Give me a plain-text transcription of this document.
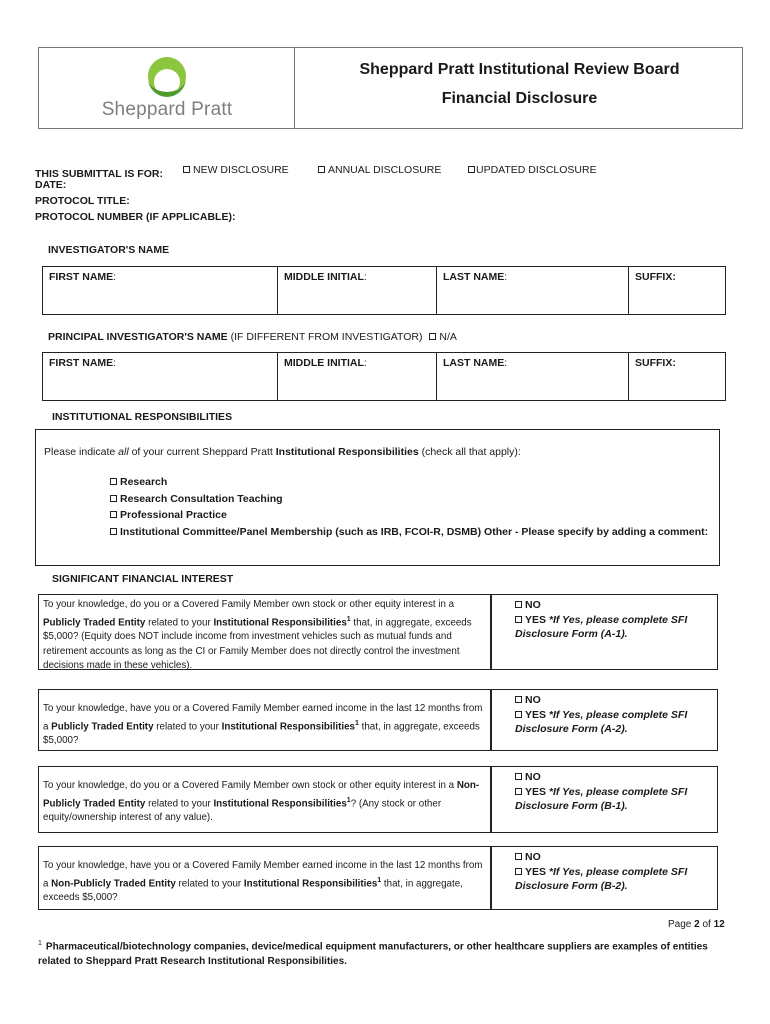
Sheppard Pratt
Sheppard Pratt Institutional Review Board
Financial Disclosure
THIS SUBMITTAL IS FOR:	NEW DISCLOSURE	ANNUAL DISCLOSURE	UPDATED DISCLOSURE
DATE:
PROTOCOL TITLE:
PROTOCOL NUMBER (IF APPLICABLE):
INVESTIGATOR'S NAME
FIRST NAME:	MIDDLE INITIAL:	LAST NAME:	SUFFIX:
PRINCIPAL INVESTIGATOR'S NAME (IF DIFFERENT FROM INVESTIGATOR) N/A
FIRST NAME:	MIDDLE INITIAL:	LAST NAME:	SUFFIX:
INSTITUTIONAL RESPONSIBILITIES
Please indicate all of your current Sheppard Pratt Institutional Responsibilities (check all that apply):
Research
Research Consultation Teaching
Professional Practice
Institutional Committee/Panel Membership (such as IRB, FCOI-R, DSMB) Other - Please specify by adding a comment:
SIGNIFICANT FINANCIAL INTEREST
To your knowledge, do you or a Covered Family Member own stock or other equity interest in a Publicly Traded Entity related to your Institutional Responsibilities$^1$ that, in aggregate, exceeds $5,000? (Equity does NOT include income from investment vehicles such as mutual funds and retirement accounts as long as the CI or Family Member does not directly control the investment decisions made in these vehicles).
NO
YES *If Yes, please complete SFI Disclosure Form (A-1).
To your knowledge, have you or a Covered Family Member earned income in the last 12 months from a Publicly Traded Entity related to your Institutional Responsibilities$^1$ that, in aggregate, exceeds $5,000?
NO
YES *If Yes, please complete SFI Disclosure Form (A-2).
To your knowledge, do you or a Covered Family Member own stock or other equity interest in a Non- Publicly Traded Entity related to your Institutional Responsibilities$^1$? (Any stock or other equity/ownership interest of any value).
NO
YES *If Yes, please complete SFI Disclosure Form (B-1).
To your knowledge, have you or a Covered Family Member earned income in the last 12 months from a Non-Publicly Traded Entity related to your Institutional Responsibilities$^1$ that, in aggregate, exceeds $5,000?
NO
YES *If Yes, please complete SFI Disclosure Form (B-2).
Page 2 of 12
$^1$ Pharmaceutical/biotechnology companies, device/medical equipment manufacturers, or other healthcare suppliers are examples of entities related to Sheppard Pratt Research Institutional Responsibilities.
